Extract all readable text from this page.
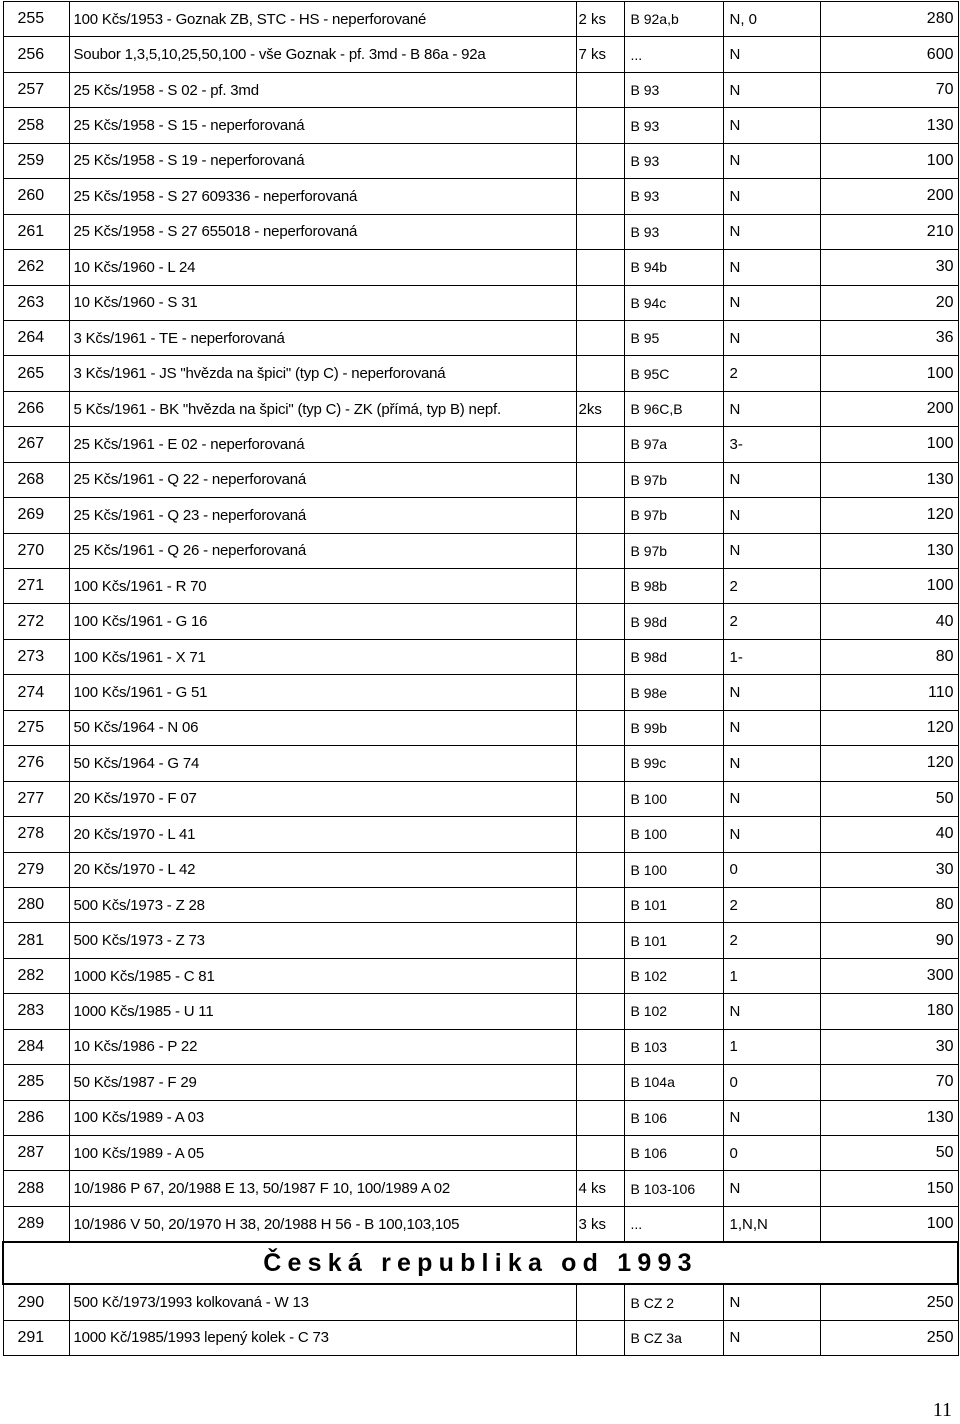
255	100 Kčs/1953 - Goznak ZB, STC - HS - neperforované	2 ks	B 92a,b	N, 0	280
256	Soubor 1,3,5,10,25,50,100 - vše Goznak - pf. 3md - B 86a - 92a	7 ks	...	N	600
257	25 Kčs/1958 - S 02 - pf. 3md		B 93	N	70
258	25 Kčs/1958 - S 15 - neperforovaná		B 93	N	130
259	25 Kčs/1958 - S 19 - neperforovaná		B 93	N	100
260	25 Kčs/1958 - S 27 609336 - neperforovaná		B 93	N	200
261	25 Kčs/1958 - S 27 655018 - neperforovaná		B 93	N	210
262	10 Kčs/1960 - L 24		B 94b	N	30
263	10 Kčs/1960 - S 31		B 94c	N	20
264	3 Kčs/1961 - TE - neperforovaná		B 95	N	36
265	3 Kčs/1961 - JS "hvězda na špici" (typ C) - neperforovaná		B 95C	2	100
266	5 Kčs/1961 - BK "hvězda na špici" (typ C) - ZK (přímá, typ B) nepf.	2ks	B 96C,B	N	200
267	25 Kčs/1961 - E 02 - neperforovaná		B 97a	3-	100
268	25 Kčs/1961 - Q 22 - neperforovaná		B 97b	N	130
269	25 Kčs/1961 - Q 23 - neperforovaná		B 97b	N	120
270	25 Kčs/1961 - Q 26 - neperforovaná		B 97b	N	130
271	100 Kčs/1961 - R 70		B 98b	2	100
272	100 Kčs/1961 - G 16		B 98d	2	40
273	100 Kčs/1961 - X 71		B 98d	1-	80
274	100 Kčs/1961 - G 51		B 98e	N	110
275	50 Kčs/1964 - N 06		B 99b	N	120
276	50 Kčs/1964 - G 74		B 99c	N	120
277	20 Kčs/1970 - F 07		B 100	N	50
278	20 Kčs/1970 - L 41		B 100	N	40
279	20 Kčs/1970 - L 42		B 100	0	30
280	500 Kčs/1973 - Z 28		B 101	2	80
281	500 Kčs/1973 - Z 73		B 101	2	90
282	1000 Kčs/1985 - C 81		B 102	1	300
283	1000 Kčs/1985 - U 11		B 102	N	180
284	10 Kčs/1986 - P 22		B 103	1	30
285	50 Kčs/1987 - F 29		B 104a	0	70
286	100 Kčs/1989 - A 03		B 106	N	130
287	100 Kčs/1989 - A 05		B 106	0	50
288	10/1986 P 67, 20/1988 E 13, 50/1987 F 10, 100/1989 A 02	4 ks	B 103-106	N	150
289	10/1986 V 50, 20/1970 H 38, 20/1988 H 56 - B 100,103,105	3 ks	...	1,N,N	100
Česká republika od 1993					
290	500 Kč/1973/1993 kolkovaná - W 13		B CZ 2	N	250
291	1000 Kč/1985/1993 lepený kolek - C 73		B CZ 3a	N	250
11
